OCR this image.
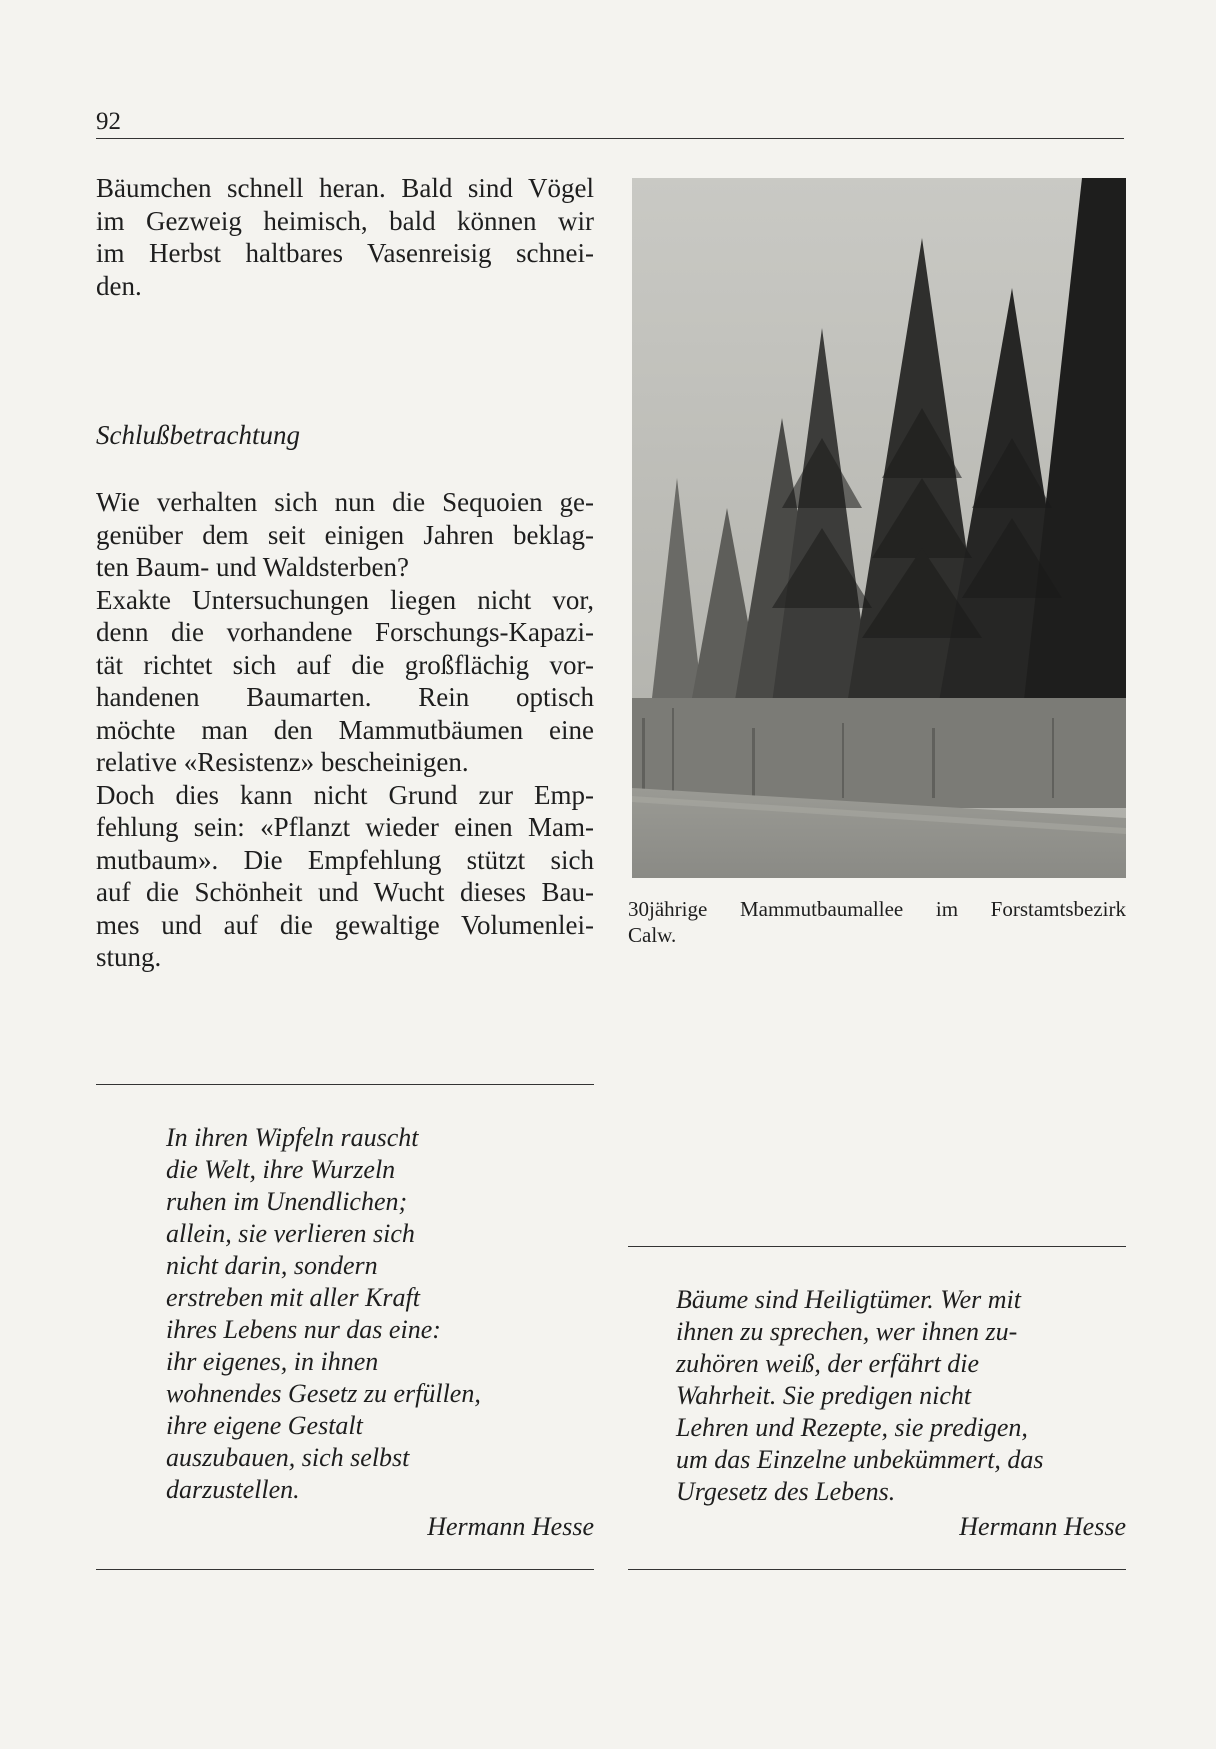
92

Bäumchen schnell heran. Bald sind Vögel
im Gezweig heimisch, bald können wir
im Herbst haltbares Vasenreisig schnei-
den.

Schlußbetrachtung

Wie verhalten sich nun die Sequoien ge-
genüber dem seit einigen Jahren beklag-
ten Baum- und Waldsterben?
Exakte Untersuchungen liegen nicht vor,
denn die vorhandene Forschungs-Kapazi-
tät richtet sich auf die großflächig vor-
handenen Baumarten. Rein optisch
möchte man den Mammutbäumen eine
relative «Resistenz» bescheinigen.
Doch dies kann nicht Grund zur Emp-
fehlung sein: «Pflanzt wieder einen Mam-
mutbaum». Die Empfehlung stützt sich
auf die Schönheit und Wucht dieses Bau-
mes und auf die gewaltige Volumenlei-
stung.

30jährige Mammutbaumallee im Forstamtsbezirk
Calw.
In ihren Wipfeln rauscht
die Welt, ihre Wurzeln
ruhen im Unendlichen;
allein, sie verlieren sich
nicht darin, sondern
erstreben mit aller Kraft
ihres Lebens nur das eine:
ihr eigenes, in ihnen
wohnendes Gesetz zu erfüllen,
ihre eigene Gestalt
auszubauen, sich selbst
darzustellen.
Hermann Hesse
Bäume sind Heiligtümer. Wer mit
ihnen zu sprechen, wer ihnen zu-
zuhören weiß, der erfährt die
Wahrheit. Sie predigen nicht
Lehren und Rezepte, sie predigen,
um das Einzelne unbekümmert, das
Urgesetz des Lebens.
Hermann Hesse
